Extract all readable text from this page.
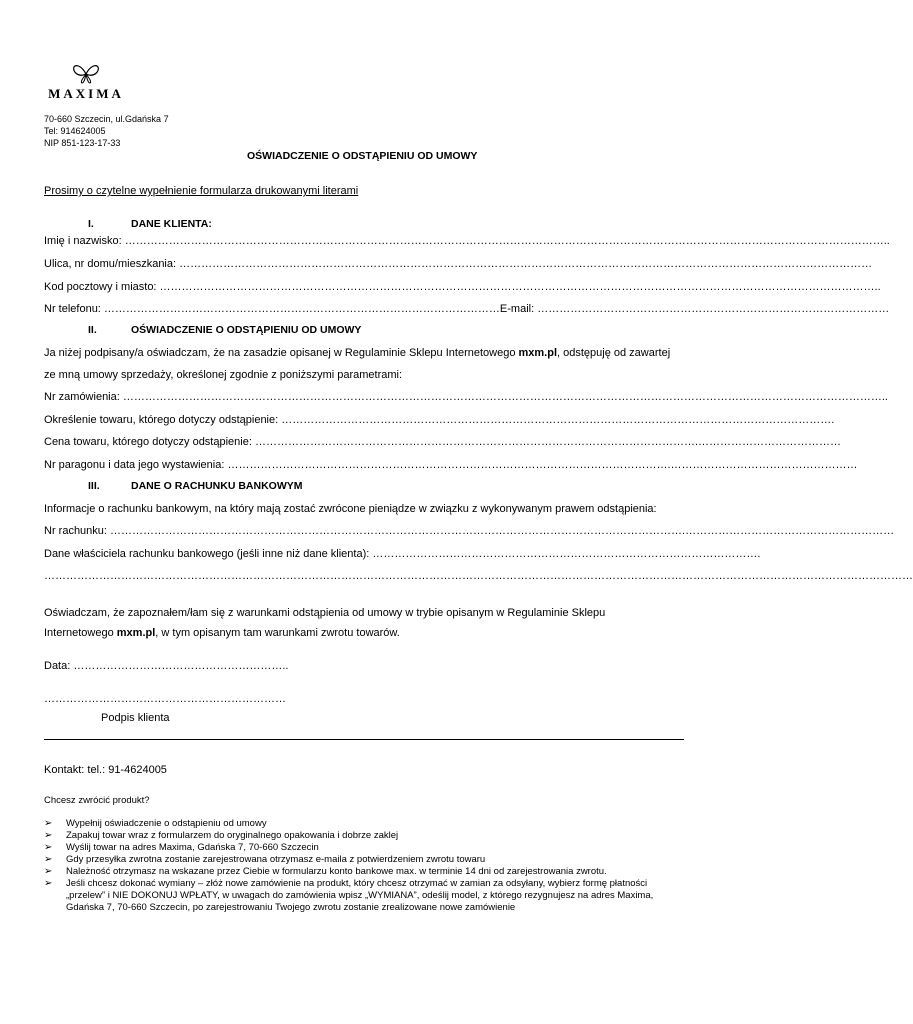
MAXIMA
70-660 Szczecin, ul.Gdańska 7
Tel: 914624005
NIP 851-123-17-33
OŚWIADCZENIE O ODSTĄPIENIU OD UMOWY
Prosimy o czytelne wypełnienie formularza drukowanymi literami
I.	DANE KLIENTA:
Imię i nazwisko: ………………………………………………………………………………………………………………………………………………………………………………………..
Ulica, nr domu/mieszkania: ………………………………………………………………………………………………………………………………………………………………………
Kod pocztowy i miasto: ……………………………………………………………………………………………………………………………………………………………………………..
Nr telefonu: ………………………………………………………………………………………………E-mail: ……………………………………………………………………………………
II.	OŚWIADCZENIE O ODSTĄPIENIU OD UMOWY
Ja niżej podpisany/a oświadczam, że na zasadzie opisanej w Regulaminie Sklepu Internetowego mxm.pl, odstępuję od zawartej
ze mną umowy sprzedaży, określonej zgodnie z poniższymi parametrami:
Nr zamówienia: ………………………………………………………………………………………………………………………………………………………………………………………..
Określenie towaru, którego dotyczy odstąpienie: …………………………………………………………………………………………………………………………………….
Cena towaru, którego dotyczy odstąpienie: ………………………………………………………………………………………………………….…………………………………
Nr paragonu i data jego wystawienia: ………………………………………………………………………………………………………….……………………………………………
III.	DANE O RACHUNKU BANKOWYM
Informacje o rachunku bankowym, na który mają zostać zwrócone pieniądze w związku z wykonywanym prawem odstąpienia:
Nr rachunku: ………………………………………………………………………………………………………………………………………….…………………………………………………
Dane właściciela rachunku bankowego (jeśli inne niż dane klienta): …………………………………………………………………………………………….
…………………………………………………………………………………………………………………………………………………………………………………………………………………
Oświadczam, że zapoznałem/łam się z warunkami odstąpienia od umowy w trybie opisanym w Regulaminie Sklepu
Internetowego mxm.pl, w tym opisanym tam warunkami zwrotu towarów.
Data: …………………………………………………..
…………………………………………………………
Podpis klienta
Kontakt: tel.: 91-4624005
Chcesz zwrócić produkt?
➢ Wypełnij oświadczenie o odstąpieniu od umowy
➢ Zapakuj towar wraz z formularzem do oryginalnego opakowania i dobrze zaklej
➢ Wyślij towar na adres Maxima, Gdańska 7, 70-660 Szczecin
➢ Gdy przesyłka zwrotna zostanie zarejestrowana otrzymasz e-maila z potwierdzeniem zwrotu towaru
➢ Należność otrzymasz na wskazane przez Ciebie w formularzu konto bankowe max. w terminie 14 dni od zarejestrowania zwrotu.
➢ Jeśli chcesz dokonać wymiany – złóż nowe zamówienie na produkt, który chcesz otrzymać w zamian za odsyłany, wybierz formę płatności „przelew” i NIE DOKONUJ WPŁATY, w uwagach do zamówienia wpisz „WYMIANA”, odeślij model, z którego rezygnujesz na adres Maxima, Gdańska 7, 70-660 Szczecin, po zarejestrowaniu Twojego zwrotu zostanie zrealizowane nowe zamówienie
